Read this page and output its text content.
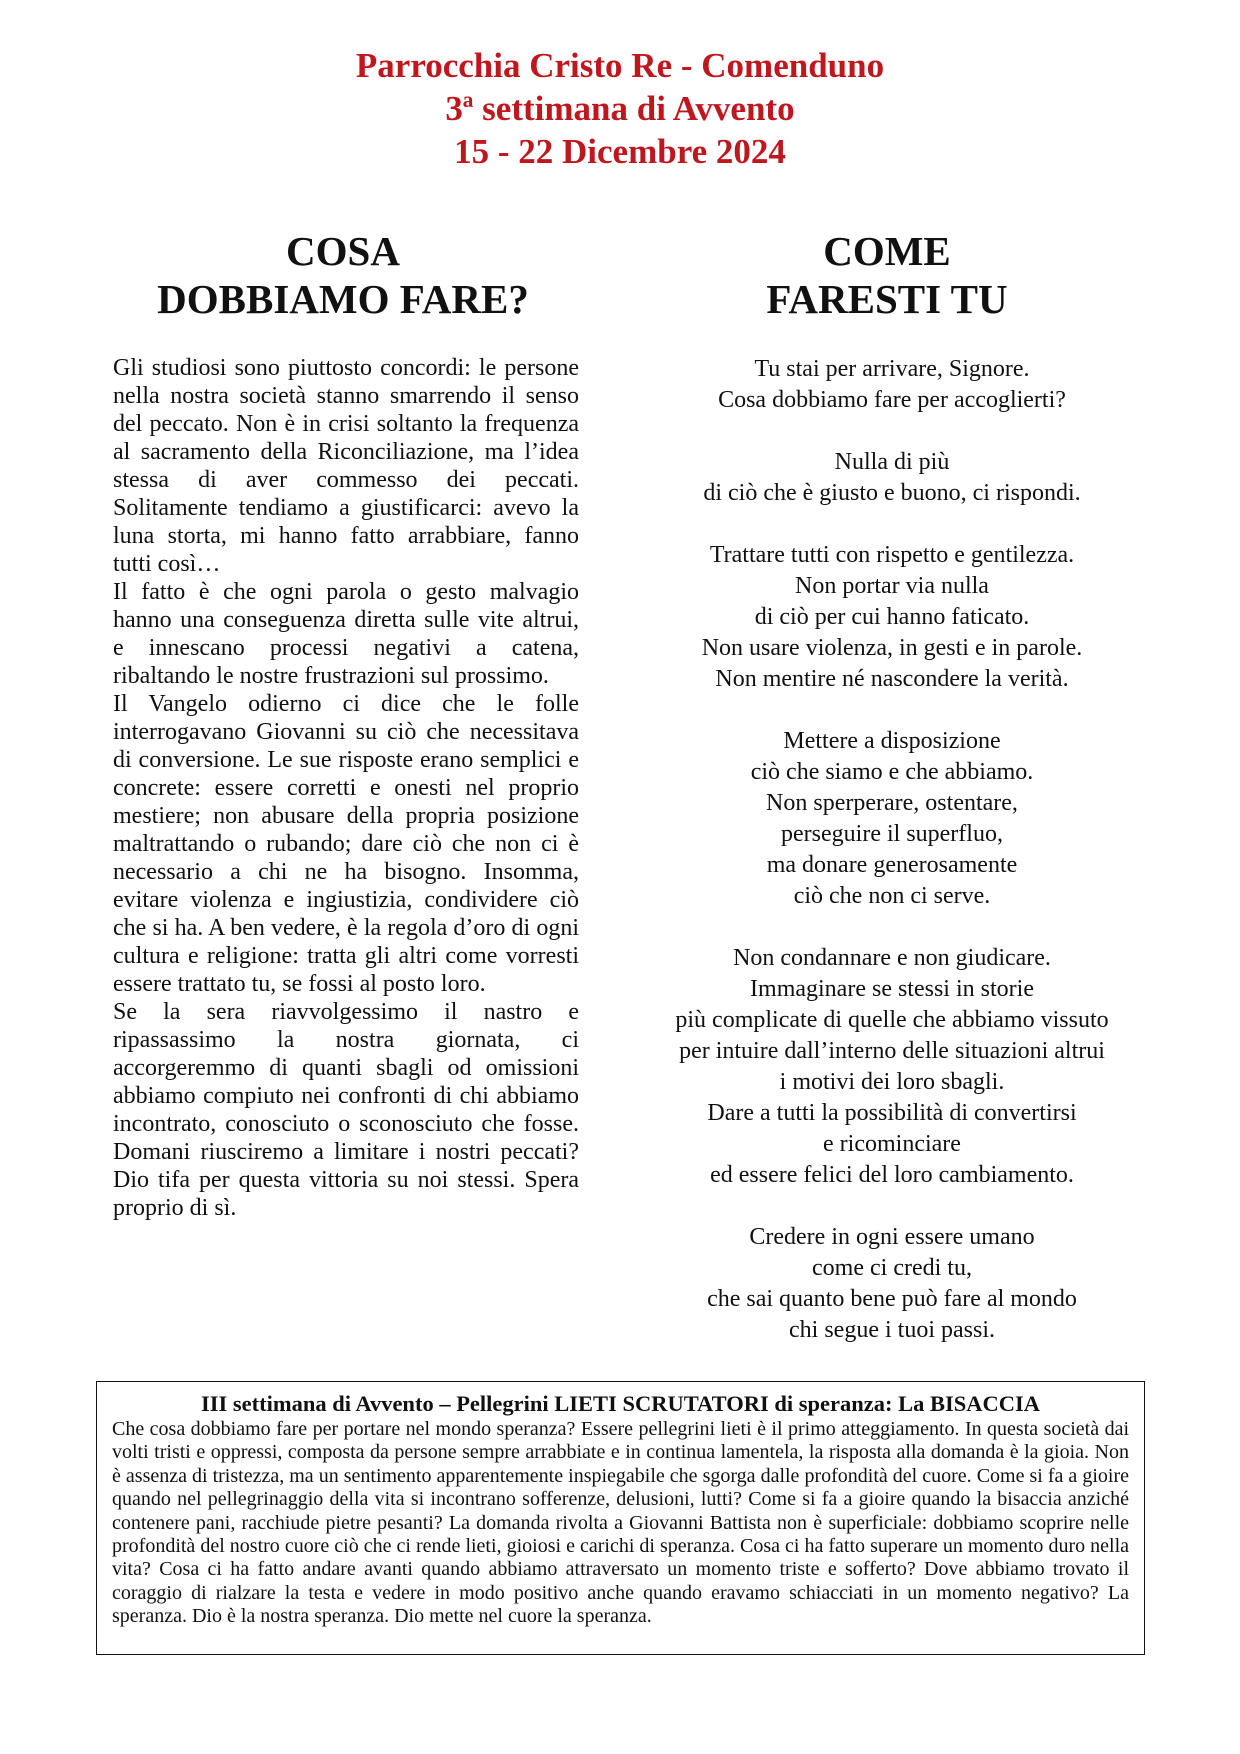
Parrocchia Cristo Re - Comenduno
3ª settimana di Avvento
15 - 22 Dicembre 2024
COSA
DOBBIAMO FARE?
COME
FARESTI TU

Gli studiosi sono piuttosto concordi: le persone nella nostra società stanno smarrendo il senso del peccato. Non è in crisi soltanto la frequenza al sacramento della Riconciliazione, ma l’idea stessa di aver commesso dei peccati. Solitamente tendiamo a giustificarci: avevo la luna storta, mi hanno fatto arrabbiare, fanno tutti così…

Il fatto è che ogni parola o gesto malvagio hanno una conseguenza diretta sulle vite altrui, e innescano processi negativi a catena, ribaltando le nostre frustrazioni sul prossimo.

Il Vangelo odierno ci dice che le folle interrogavano Giovanni su ciò che necessitava di conversione. Le sue risposte erano semplici e concrete: essere corretti e onesti nel proprio mestiere; non abusare della propria posizione maltrattando o rubando; dare ciò che non ci è necessario a chi ne ha bisogno. Insomma, evitare violenza e ingiustizia, condividere ciò che si ha. A ben vedere, è la regola d’oro di ogni cultura e religione: tratta gli altri come vorresti essere trattato tu, se fossi al posto loro.

Se la sera riavvolgessimo il nastro e ripassassimo la nostra giornata, ci accorgeremmo di quanti sbagli od omissioni abbiamo compiuto nei confronti di chi abbiamo incontrato, conosciuto o sconosciuto che fosse. Domani riusciremo a limitare i nostri peccati? Dio tifa per questa vittoria su noi stessi. Spera proprio di sì.

Tu stai per arrivare, Signore.
Cosa dobbiamo fare per accoglierti?
Nulla di più
di ciò che è giusto e buono, ci rispondi.
Trattare tutti con rispetto e gentilezza.
Non portar via nulla
di ciò per cui hanno faticato.
Non usare violenza, in gesti e in parole.
Non mentire né nascondere la verità.
Mettere a disposizione
ciò che siamo e che abbiamo.
Non sperperare, ostentare,
perseguire il superfluo,
ma donare generosamente
ciò che non ci serve.
Non condannare e non giudicare.
Immaginare se stessi in storie
più complicate di quelle che abbiamo vissuto
per intuire dall’interno delle situazioni altrui
i motivi dei loro sbagli.
Dare a tutti la possibilità di convertirsi
e ricominciare
ed essere felici del loro cambiamento.
Credere in ogni essere umano
come ci credi tu,
che sai quanto bene può fare al mondo
chi segue i tuoi passi.

III settimana di Avvento – Pellegrini LIETI SCRUTATORI di speranza: La BISACCIA

Che cosa dobbiamo fare per portare nel mondo speranza? Essere pellegrini lieti è il primo atteggiamento. In questa società dai volti tristi e oppressi, composta da persone sempre arrabbiate e in continua lamentela, la risposta alla domanda è la gioia. Non è assenza di tristezza, ma un sentimento apparentemente inspiegabile che sgorga dalle profondità del cuore. Come si fa a gioire quando nel pellegrinaggio della vita si incontrano sofferenze, delusioni, lutti? Come si fa a gioire quando la bisaccia anziché contenere pani, racchiude pietre pesanti? La domanda rivolta a Giovanni Battista non è superficiale: dobbiamo scoprire nelle profondità del nostro cuore ciò che ci rende lieti, gioiosi e carichi di speranza. Cosa ci ha fatto superare un momento duro nella vita? Cosa ci ha fatto andare avanti quando abbiamo attraversato un momento triste e sofferto? Dove abbiamo trovato il coraggio di rialzare la testa e vedere in modo positivo anche quando eravamo schiacciati in un momento negativo? La speranza. Dio è la nostra speranza. Dio mette nel cuore la speranza.
